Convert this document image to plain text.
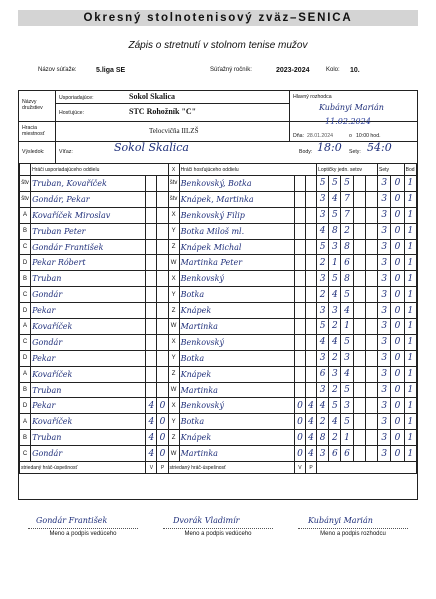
Okresný stolnotenisový zväz–SENICA
Zápis o stretnutí v stolnom tenise mužov
Názov súťaže:	5.liga SE	Súťažný ročník:	2023-2024	Kolo: 10.
Názvy
družstiev
Usporiadajúce:	Sokol Skalica
Hosťujúce:	STC Rohožník "C"
Hracia
miestnosť	Telocvičňa IILZŠ
Hlavný rozhodca
Kubányi Marián
11.02.2024
Dňa: 28.01.2024	o 10:00 hod.
Výsledok:	Víťaz:	Sokol Skalica	Body: 18:0 Sety: 54:0
	Hráči usporiadajúceho oddielu			X	Hráči hosťujúceho oddielu			Loptičky jedn. setov					Sety		Bod
štv	Truban, Kovaříček			štv	Benkovský, Botka			5	5	5			3	0	1
štv	Gondár, Pekar			štv	Knápek, Martinka			3	4	7			3	0	1
A	Kovaříček Miroslav			X	Benkovský Filip			3	5	7			3	0	1
B	Truban Peter			Y	Botka Miloš ml.			4	8	2			3	0	1
C	Gondár František			Z	Knápek Michal			5	3	8			3	0	1
D	Pekar Róbert			W	Martinka Peter			2	1	6			3	0	1
B	Truban			X	Benkovský			3	5	8			3	0	1
C	Gondár			Y	Botka			2	4	5			3	0	1
D	Pekar			Z	Knápek			3	3	4			3	0	1
A	Kovaříček			W	Martinka			5	2	1			3	0	1
C	Gondár			X	Benkovský			4	4	5			3	0	1
D	Pekar			Y	Botka			3	2	3			3	0	1
A	Kovaříček			Z	Knápek			6	3	4			3	0	1
B	Truban			W	Martinka			3	2	5			3	0	1
D	Pekar	4	0	X	Benkovský	0	4	4	5	3			3	0	1
A	Kovaříček	4	0	Y	Botka	0	4	2	4	5			3	0	1
B	Truban	4	0	Z	Knápek	0	4	8	2	1			3	0	1
C	Gondár	4	0	W	Martinka	0	4	3	6	6			3	0	1
striedaný hráč-úspešnosť		V	P	striedaný hráč-úspešnosť		V	P								
Gondár František
Meno a podpis vedúceho
Dvorák Vladimír
Meno a podpis vedúceho
Kubányi Marián
Meno a podpis rozhodcu
